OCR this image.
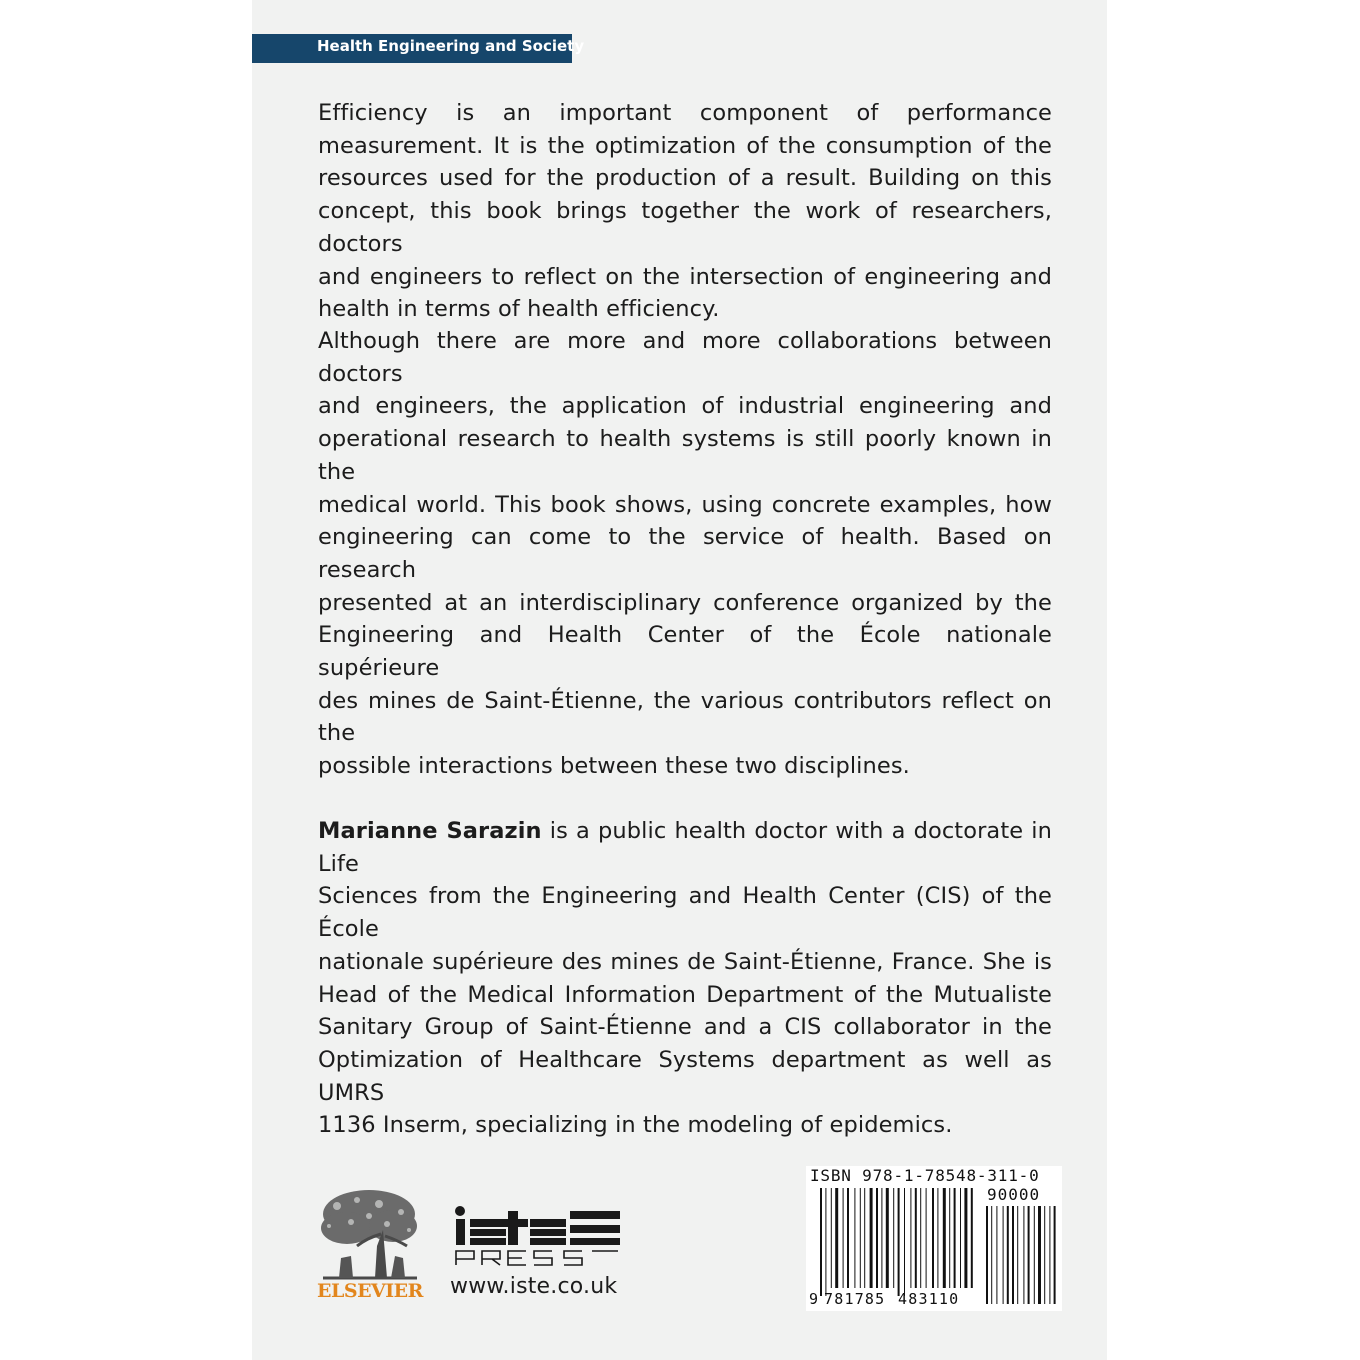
Health Engineering and Society
Efficiency is an important component of performance
measurement. It is the optimization of the consumption of the
resources used for the production of a result. Building on this
concept, this book brings together the work of researchers, doctors
and engineers to reflect on the intersection of engineering and
health in terms of health efficiency.
Although there are more and more collaborations between doctors
and engineers, the application of industrial engineering and
operational research to health systems is still poorly known in the
medical world. This book shows, using concrete examples, how
engineering can come to the service of health. Based on research
presented at an interdisciplinary conference organized by the
Engineering and Health Center of the École nationale supérieure
des mines de Saint-Étienne, the various contributors reflect on the
possible interactions between these two disciplines.
Marianne Sarazin is a public health doctor with a doctorate in Life
Sciences from the Engineering and Health Center (CIS) of the École
nationale supérieure des mines de Saint-Étienne, France. She is
Head of the Medical Information Department of the Mutualiste
Sanitary Group of Saint-Étienne and a CIS collaborator in the
Optimization of Healthcare Systems department as well as UMRS
1136 Inserm, specializing in the modeling of epidemics.
ELSEVIER www.iste.co.uk
ISBN 978-1-78548-311-0
90000
9 781785 483110
